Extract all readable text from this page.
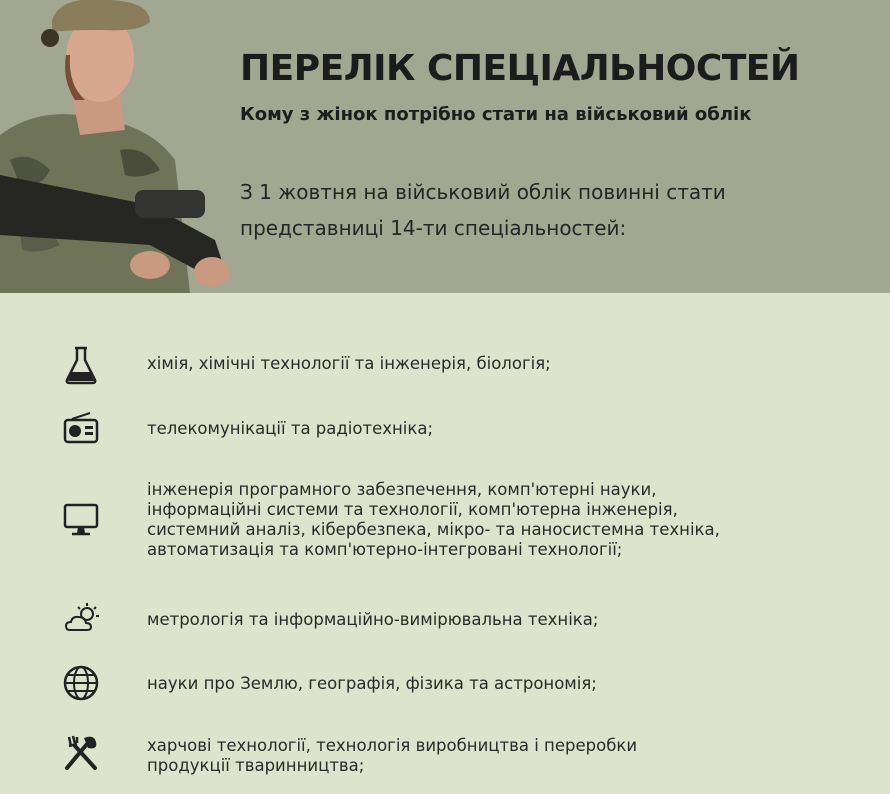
ПЕРЕЛІК СПЕЦІАЛЬНОСТЕЙ
Кому з жінок потрібно стати на військовий облік
З 1 жовтня на військовий облік повинні стати
представниці 14-ти спеціальностей:
хімія, хімічні технології та інженерія, біологія;
телекомунікації та радіотехніка;
інженерія програмного забезпечення, комп'ютерні науки,
інформаційні системи та технології, комп'ютерна інженерія,
системний аналіз, кібербезпека, мікро- та наносистемна техніка,
автоматизація та комп'ютерно-інтегровані технології;
метрологія та інформаційно-вимірювальна техніка;
науки про Землю, географія, фізика та астрономія;
харчові технології, технологія виробництва і переробки
продукції тваринництва;
